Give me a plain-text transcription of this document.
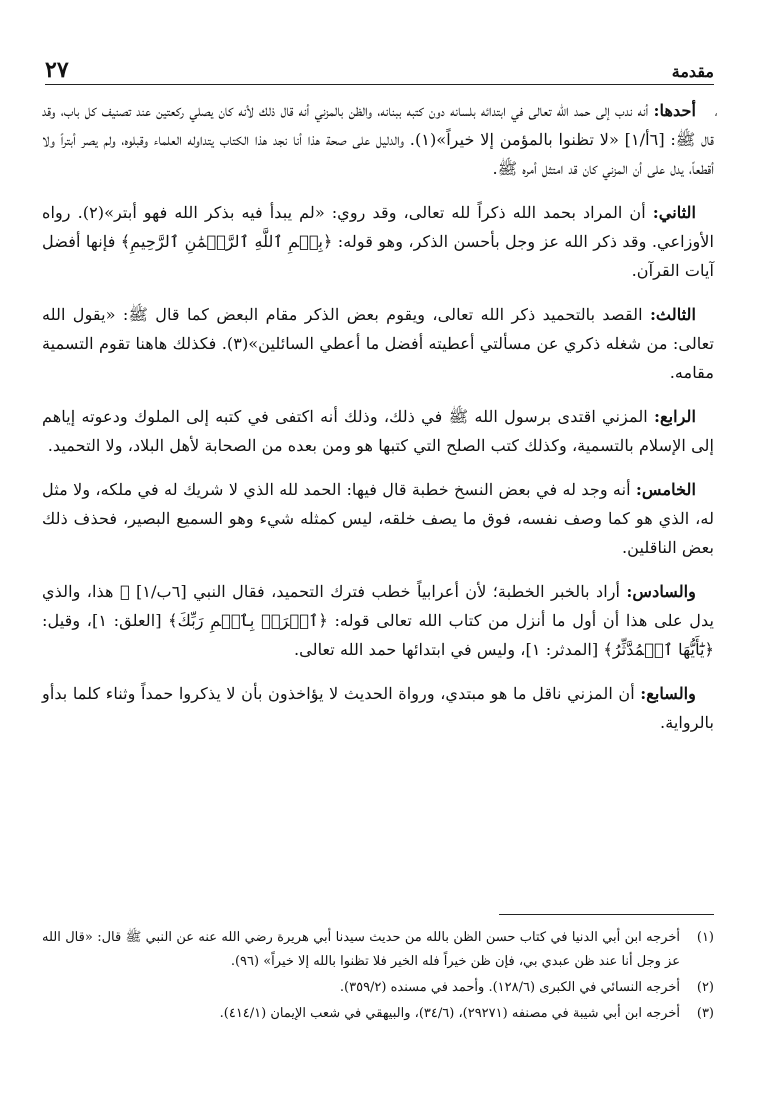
مقدمة
٢٧
،

أحدها: أنه ندب إلى حمد الله تعالى في ابتدائه بلسانه دون كتبه ببنانه، والظن بالمزني أنه قال ذلك لأنه كان يصلي ركعتين عند تصنيف كل باب، وقد قال ﷺ: [٦أ/١] «لا تظنوا بالمؤمن إلا خيراً»(١). والدليل على صحة هذا أنا نجد هذا الكتاب يتداوله العلماء وقبلوه، ولم يصر أبتراً ولا أقطعاً، يدل على أن المزني كان قد امتثل أمره ﷺ.

الثاني: أن المراد بحمد الله ذكراً لله تعالى، وقد روي: «لم يبدأ فيه بذكر الله فهو أبتر»(٢). رواه الأوزاعي. وقد ذكر الله عز وجل بأحسن الذكر، وهو قوله: ﴿بِسۡمِ ٱللَّهِ ٱلرَّحۡمَٰنِ ٱلرَّحِيمِ﴾ فإنها أفضل آيات القرآن.

الثالث: القصد بالتحميد ذكر الله تعالى، ويقوم بعض الذكر مقام البعض كما قال ﷺ: «يقول الله تعالى: من شغله ذكري عن مسألتي أعطيته أفضل ما أعطي السائلين»(٣). فكذلك هاهنا تقوم التسمية مقامه.

الرابع: المزني اقتدى برسول الله ﷺ في ذلك، وذلك أنه اكتفى في كتبه إلى الملوك ودعوته إياهم إلى الإسلام بالتسمية، وكذلك كتب الصلح التي كتبها هو ومن بعده من الصحابة لأهل البلاد، ولا التحميد.

الخامس: أنه وجد له في بعض النسخ خطبة قال فيها: الحمد لله الذي لا شريك له في ملكه، ولا مثل له، الذي هو كما وصف نفسه، فوق ما يصف خلقه، ليس كمثله شيء وهو السميع البصير، فحذف ذلك بعض الناقلين.

والسادس: أراد بالخبر الخطبة؛ لأن أعرابياً خطب فترك التحميد، فقال النبي [٦ب/١] ﷺ هذا، والذي يدل على هذا أن أول ما أنزل من كتاب الله تعالى قوله: ﴿ٱقۡرَأۡ بِٱسۡمِ رَبِّكَ﴾ [العلق: ١]، وقيل: ﴿يَٰٓأَيُّهَا ٱلۡمُدَّثِّرُ﴾ [المدثر: ١]، وليس في ابتدائها حمد الله تعالى.

والسابع: أن المزني ناقل ما هو مبتدي، ورواة الحديث لا يؤاخذون بأن لا يذكروا حمداً وثناء كلما بدأو بالرواية.

(١)
أخرجه ابن أبي الدنيا في كتاب حسن الظن بالله من حديث سيدنا أبي هريرة رضي الله عنه عن النبي ﷺ قال: «قال الله عز وجل أنا عند ظن عبدي بي، فإن ظن خيراً فله الخير فلا تظنوا بالله إلا خيراً» (٩٦).
(٢)
أخرجه النسائي في الكبرى (١٢٨/٦). وأحمد في مسنده (٣٥٩/٢).
(٣)
أخرجه ابن أبي شيبة في مصنفه (٢٩٢٧١)، (٣٤/٦)، والبيهقي في شعب الإيمان (٤١٤/١).
